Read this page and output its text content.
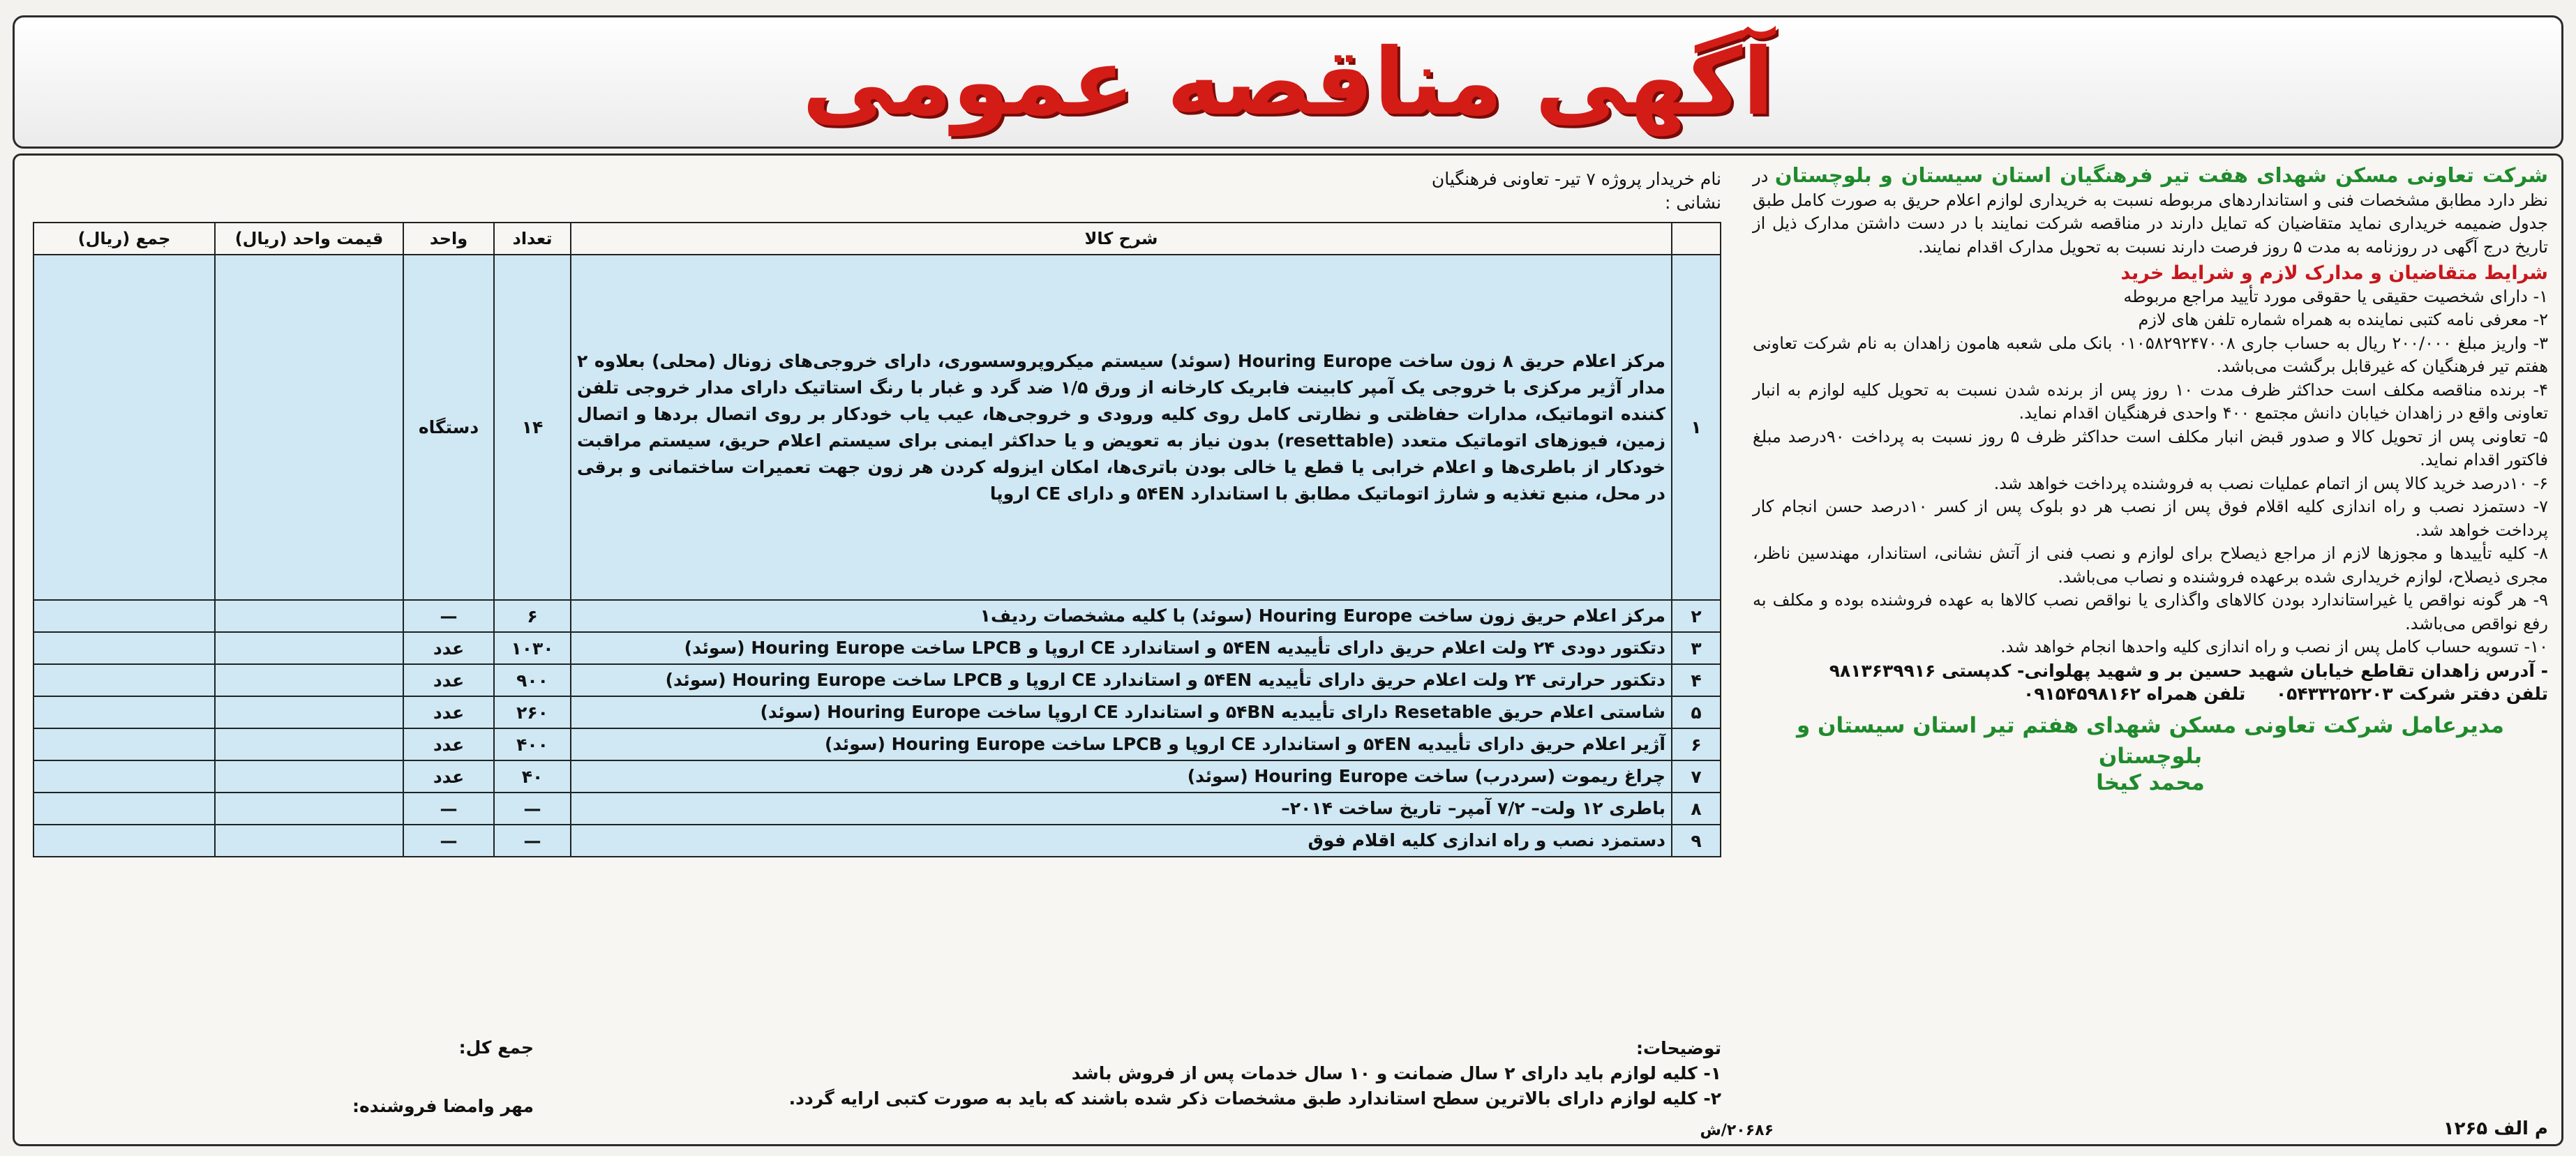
آگهی مناقصه عمومی

شرکت تعاونی مسکن شهدای هفت تیر فرهنگیان استان سیستان و بلوچستان در نظر دارد مطابق مشخصات فنی و استانداردهای مربوطه نسبت به خریداری لوازم اعلام حریق به صورت کامل طبق جدول ضمیمه خریداری نماید متقاضیان که تمایل دارند در مناقصه شرکت نمایند با در دست داشتن مدارک ذیل از تاریخ درج آگهی در روزنامه به مدت ۵ روز فرصت دارند نسبت به تحویل مدارک اقدام نمایند.

شرایط متقاضیان و مدارک لازم و شرایط خرید

۱- دارای شخصیت حقیقی یا حقوقی مورد تأیید مراجع مربوطه
۲- معرفی نامه کتبی نماینده به همراه شماره تلفن های لازم
۳- واریز مبلغ ۲۰۰/۰۰۰ ریال به حساب جاری ۰۱۰۵۸۲۹۲۴۷۰۰۸ بانک ملی شعبه هامون زاهدان به نام شرکت تعاونی هفتم تیر فرهنگیان که غیرقابل برگشت می‌باشد.
۴- برنده مناقصه مکلف است حداکثر ظرف مدت ۱۰ روز پس از برنده شدن نسبت به تحویل کلیه لوازم به انبار تعاونی واقع در زاهدان خیابان دانش مجتمع ۴۰۰ واحدی فرهنگیان اقدام نماید.
۵- تعاونی پس از تحویل کالا و صدور قبض انبار مکلف است حداکثر ظرف ۵ روز نسبت به پرداخت ۹۰درصد مبلغ فاکتور اقدام نماید.
۶- ۱۰درصد خرید کالا پس از اتمام عملیات نصب به فروشنده پرداخت خواهد شد.
۷- دستمزد نصب و راه اندازی کلیه اقلام فوق پس از نصب هر دو بلوک پس از کسر ۱۰درصد حسن انجام کار پرداخت خواهد شد.
۸- کلیه تأییدها و مجوزها لازم از مراجع ذیصلاح برای لوازم و نصب فنی از آتش نشانی، استاندار، مهندسین ناظر، مجری ذیصلاح، لوازم خریداری شده برعهده فروشنده و نصاب می‌باشد.
۹- هر گونه نواقص یا غیراستاندارد بودن کالاهای واگذاری یا نواقص نصب کالاها به عهده فروشنده بوده و مکلف به رفع نواقص می‌باشد.
۱۰- تسویه حساب کامل پس از نصب و راه اندازی کلیه واحدها انجام خواهد شد.

- آدرس زاهدان تقاطع خیابان شهید حسین بر و شهید پهلوانی- کدپستی ۹۸۱۳۶۳۹۹۱۶

تلفن دفتر شرکت ۰۵۴۳۳۲۵۲۲۰۳     تلفن همراه ۰۹۱۵۴۵۹۸۱۶۲

مدیرعامل شرکت تعاونی مسکن شهدای هفتم تیر استان سیستان و بلوچستان

محمد کیخا

م الف ۱۲۶۵
۲۰۶۸۶/ش

نام خریدار پروژه ۷ تیر- تعاونی فرهنگیان

نشانی :

	شرح کالا	تعداد	واحد	قیمت واحد (ریال)	جمع (ریال)
۱	مرکز اعلام حریق ۸ زون ساخت Houring Europe (سوئد) سیستم میکروپروسسوری، دارای خروجی‌های زونال (محلی) بعلاوه ۲ مدار آژیر مرکزی با خروجی یک آمپر کابینت فابریک کارخانه از ورق ۱/۵ ضد گرد و غبار با رنگ استاتیک دارای مدار خروجی تلفن کننده اتوماتیک، مدارات حفاظتی و نظارتی کامل روی کلیه ورودی و خروجی‌ها، عیب یاب خودکار بر روی اتصال بردها و اتصال زمین، فیوزهای اتوماتیک متعدد (resettable) بدون نیاز به تعویض و یا حداکثر ایمنی برای سیستم اعلام حریق، سیستم مراقبت خودکار از باطری‌ها و اعلام خرابی یا قطع یا خالی بودن باتری‌ها، امکان ایزوله کردن هر زون جهت تعمیرات ساختمانی و برقی در محل، منبع تغذیه و شارژ اتوماتیک مطابق با استاندارد ۵۴EN و دارای CE اروپا	۱۴	دستگاه		
۲	مرکز اعلام حریق زون ساخت Houring Europe (سوئد) با کلیه مشخصات ردیف۱	۶	—		
۳	دتکتور دودی ۲۴ ولت اعلام حریق دارای تأییدیه ۵۴EN و استاندارد CE اروپا و LPCB ساخت Houring Europe (سوئد)	۱۰۳۰	عدد		
۴	دتکتور حرارتی ۲۴ ولت اعلام حریق دارای تأییدیه ۵۴EN و استاندارد CE اروپا و LPCB ساخت Houring Europe (سوئد)	۹۰۰	عدد		
۵	شاستی اعلام حریق Resetable دارای تأییدیه ۵۴BN و استاندارد CE اروپا ساخت Houring Europe (سوئد)	۲۶۰	عدد		
۶	آژیر اعلام حریق دارای تأییدیه ۵۴EN و استاندارد CE اروپا و LPCB ساخت Houring Europe (سوئد)	۴۰۰	عدد		
۷	چراغ ریموت (سردرب) ساخت Houring Europe (سوئد)	۴۰	عدد		
۸	باطری ۱۲ ولت– ۷/۲ آمپر– تاریخ ساخت ۲۰۱۴–	—	—		
۹	دستمزد نصب و راه اندازی کلیه اقلام فوق	—	—		

توضیحات:

۱- کلیه لوازم باید دارای ۲ سال ضمانت و ۱۰ سال خدمات پس از فروش باشد

۲- کلیه لوازم دارای بالاترین سطح استاندارد طبق مشخصات ذکر شده باشند که باید به صورت کتبی ارایه گردد.

جمع کل:

مهر وامضا فروشنده:
